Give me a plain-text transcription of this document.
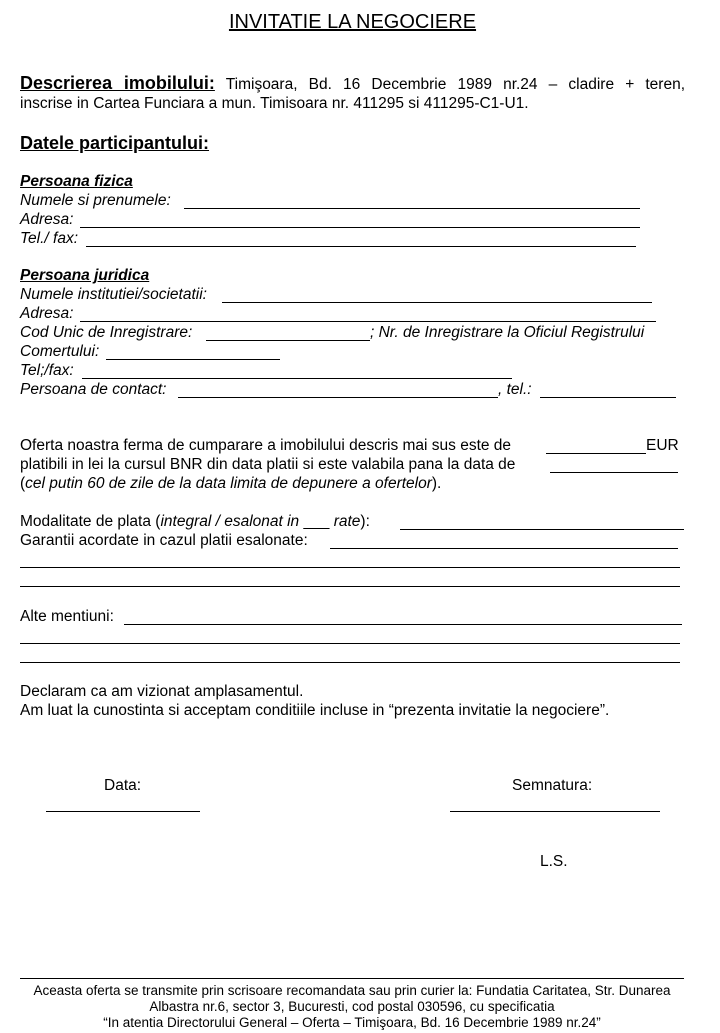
INVITATIE LA NEGOCIERE
Descrierea imobilului: Timişoara, Bd. 16 Decembrie 1989 nr.24 – cladire + teren,
inscrise in Cartea Funciara a mun. Timisoara nr. 411295 si 411295-C1-U1.
Datele participantului:
Persoana fizica
Numele si prenumele:
Adresa:
Tel./ fax:
Persoana juridica
Numele institutiei/societatii:
Adresa:
Cod Unic de Inregistrare:	; Nr. de Inregistrare la Oficiul Registrului
Comertului:
Tel;/fax:
Persoana de contact:	, tel.:
Oferta noastra ferma de cumparare a imobilului descris mai sus este de	EUR
platibili in lei la cursul BNR din data platii si este valabila pana la data de
(cel putin 60 de zile de la data limita de depunere a ofertelor).
Modalitate de plata (integral / esalonat in ___ rate):
Garantii acordate in cazul platii esalonate:
Alte mentiuni:
Declaram ca am vizionat amplasamentul.
Am luat la cunostinta si acceptam conditiile incluse in “prezenta invitatie la negociere”.
Data:	Semnatura:
L.S.
Aceasta oferta se transmite prin scrisoare recomandata sau prin curier la: Fundatia Caritatea, Str. Dunarea
Albastra nr.6, sector 3, Bucuresti, cod postal 030596, cu specificatia
“In atentia Directorului General – Oferta – Timişoara, Bd. 16 Decembrie 1989 nr.24”
